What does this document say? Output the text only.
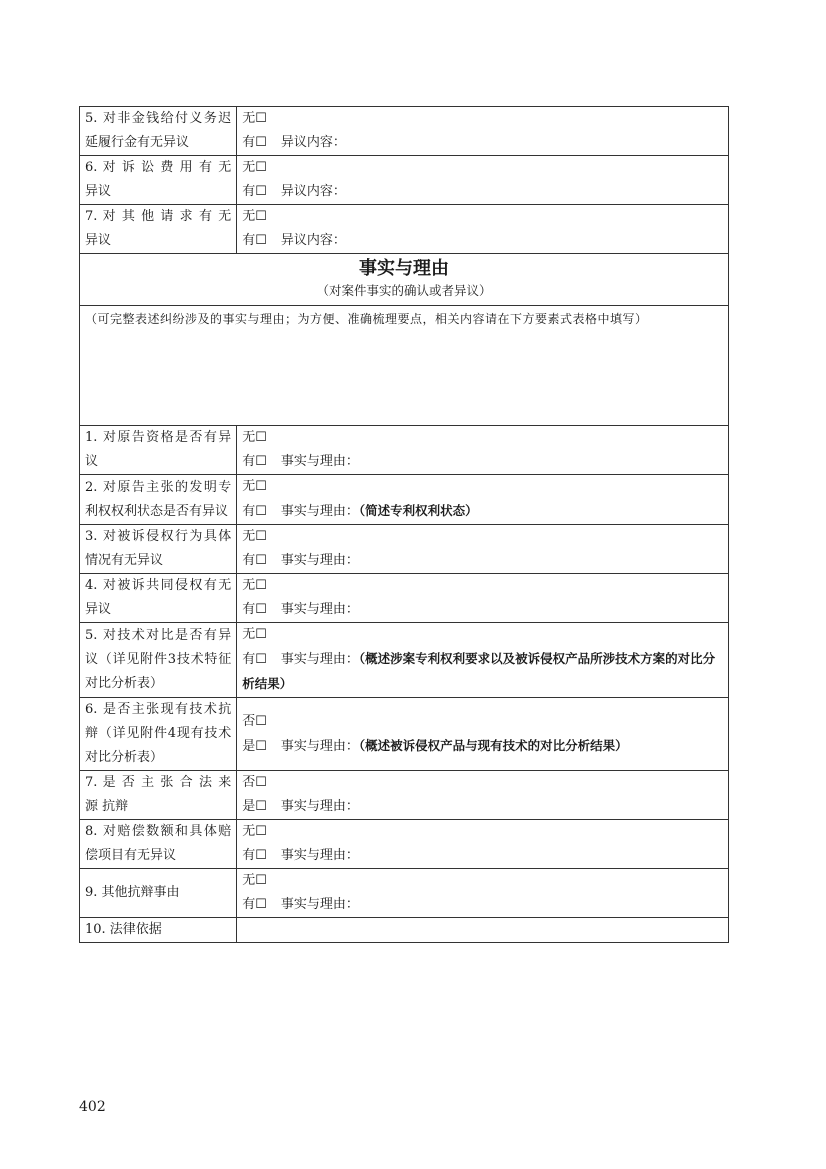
5. 对非金钱给付义务迟延履行金有无异议	无☐
有☐ 异议内容：

6. 对 诉 讼 费 用 有 无 异议	无☐
有☐ 异议内容：

7. 对 其 他 请 求 有 无 异议	无☐
有☐ 异议内容：

事实与理由
（对案件事实的确认或者异议）	

（可完整表述纠纷涉及的事实与理由；为方便、准确梳理要点，相关内容请在下方要素式表格中填写）	
1. 对原告资格是否有异议	无☐
有☐ 事实与理由：

2. 对原告主张的发明专利权权利状态是否有异议	无☐
有☐ 事实与理由：（简述专利权利状态）

3. 对被诉侵权行为具体情况有无异议	无☐
有☐ 事实与理由：

4. 对被诉共同侵权有无异议	无☐
有☐ 事实与理由：

5. 对技术对比是否有异议（详见附件3技术特征对比分析表）	无☐
有☐ 事实与理由：（概述涉案专利权利要求以及被诉侵权产品所涉技术方案的对比分析结果）

6. 是否主张现有技术抗辩（详见附件4现有技术对比分析表）	否☐
是☐ 事实与理由：（概述被诉侵权产品与现有技术的对比分析结果）

7. 是 否 主 张 合 法 来 源 抗辩	否☐
是☐ 事实与理由：

8. 对赔偿数额和具体赔偿项目有无异议	无☐
有☐ 事实与理由：

9. 其他抗辩事由	无☐
有☐ 事实与理由：

10. 法律依据	
402
